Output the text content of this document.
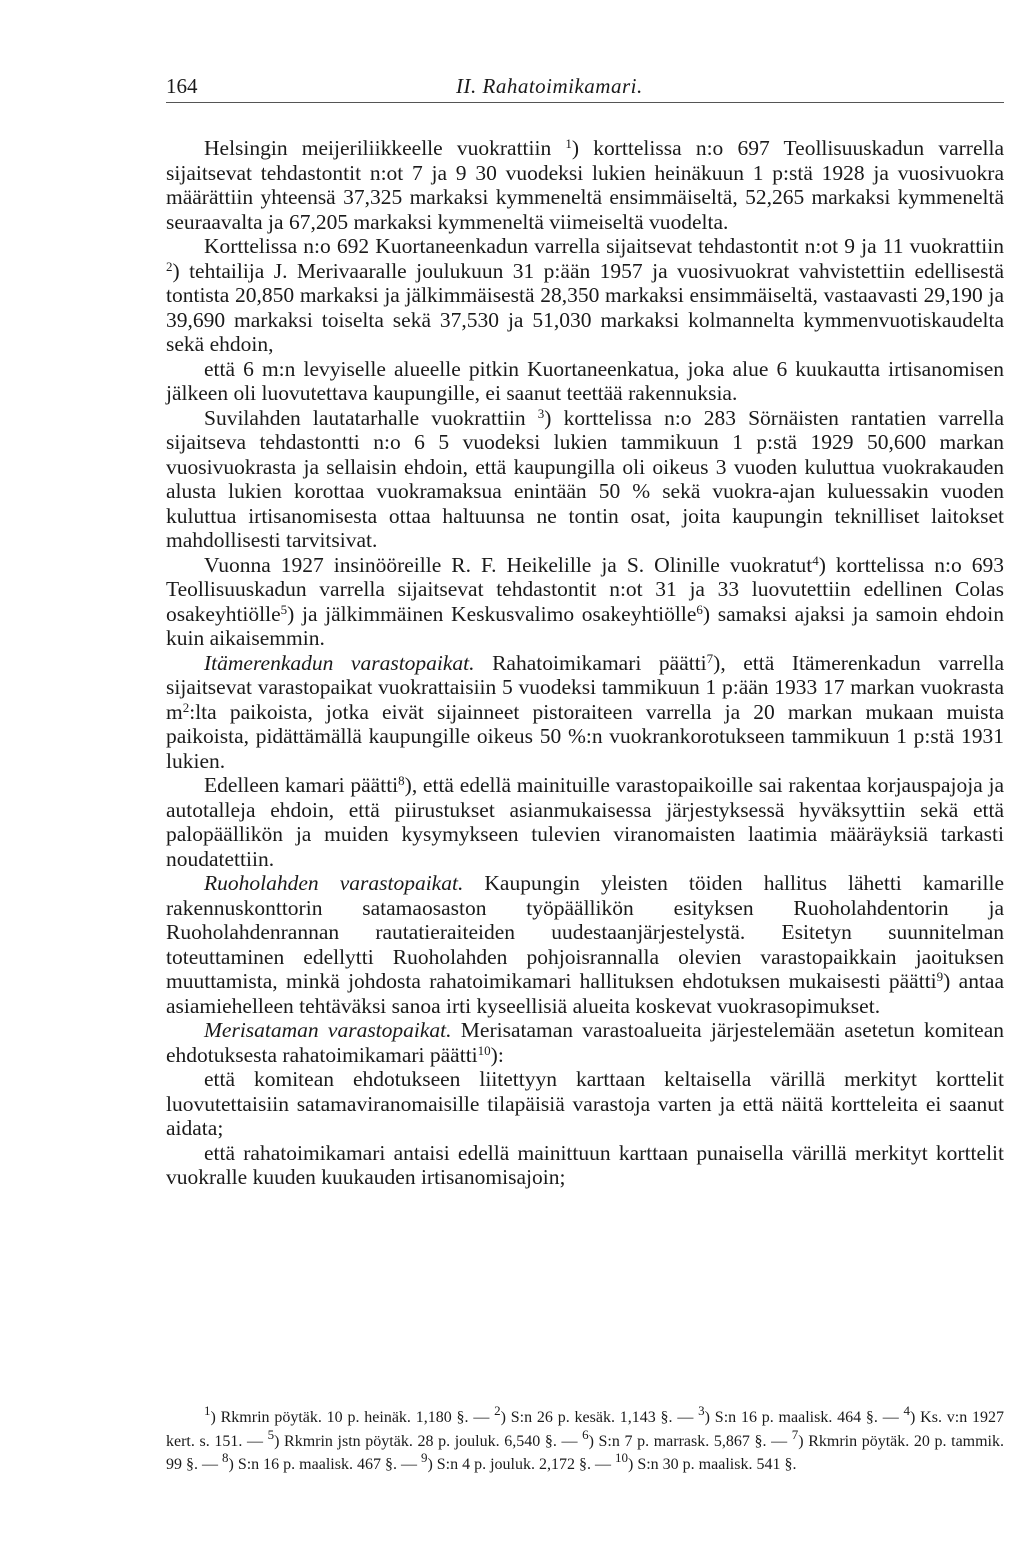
164	II. Rahatoimikamari.

Helsingin meijeriliikkeelle vuokrattiin $^1$) korttelissa n:o 697 Teollisuuskadun varrella sijaitsevat tehdastontit n:ot 7 ja 9 30 vuodeksi lukien heinäkuun 1 p:stä 1928 ja vuosivuokra määrättiin yhteensä 37,325 markaksi kymmeneltä ensimmäiseltä, 52,265 markaksi kymmeneltä seuraavalta ja 67,205 markaksi kymmeneltä viimeiseltä vuodelta.

Korttelissa n:o 692 Kuortaneenkadun varrella sijaitsevat tehdastontit n:ot 9 ja 11 vuokrattiin $^2$) tehtailija J. Merivaaralle joulukuun 31 p:ään 1957 ja vuosivuokrat vahvistettiin edellisestä tontista 20,850 markaksi ja jälkimmäisestä 28,350 markaksi ensimmäiseltä, vastaavasti 29,190 ja 39,690 markaksi toiselta sekä 37,530 ja 51,030 markaksi kolmannelta kymmenvuotiskaudelta sekä ehdoin,

että 6 m:n levyiselle alueelle pitkin Kuortaneenkatua, joka alue 6 kuukautta irtisanomisen jälkeen oli luovutettava kaupungille, ei saanut teettää rakennuksia.

Suvilahden lautatarhalle vuokrattiin $^3$) korttelissa n:o 283 Sörnäisten rantatien varrella sijaitseva tehdastontti n:o 6 5 vuodeksi lukien tammikuun 1 p:stä 1929 50,600 markan vuosivuokrasta ja sellaisin ehdoin, että kaupungilla oli oikeus 3 vuoden kuluttua vuokrakauden alusta lukien korottaa vuokramaksua enintään 50 % sekä vuokra-ajan kuluessakin vuoden kuluttua irtisanomisesta ottaa haltuunsa ne tontin osat, joita kaupungin teknilliset laitokset mahdollisesti tarvitsivat.

Vuonna 1927 insinööreille R. F. Heikelille ja S. Olinille vuokratut$^4$) korttelissa n:o 693 Teollisuuskadun varrella sijaitsevat tehdastontit n:ot 31 ja 33 luovutettiin edellinen Colas osakeyhtiölle$^5$) ja jälkimmäinen Keskusvalimo osakeyhtiölle$^6$) samaksi ajaksi ja samoin ehdoin kuin aikaisemmin.

Itämerenkadun varastopaikat. Rahatoimikamari päätti$^7$), että Itämerenkadun varrella sijaitsevat varastopaikat vuokrattaisiin 5 vuodeksi tammikuun 1 p:ään 1933 17 markan vuokrasta $m^2:lta$ paikoista, jotka eivät sijainneet pistoraiteen varrella ja 20 markan mukaan muista paikoista, pidättämällä kaupungille oikeus 50 %:n vuokrankorotukseen tammikuun 1 p:stä 1931 lukien.

Edelleen kamari päätti$^8$), että edellä mainituille varastopaikoille sai rakentaa korjauspajoja ja autotalleja ehdoin, että piirustukset asianmukaisessa järjestyksessä hyväksyttiin sekä että palopäällikön ja muiden kysymykseen tulevien viranomaisten laatimia määräyksiä tarkasti noudatettiin.

Ruoholahden varastopaikat. Kaupungin yleisten töiden hallitus lähetti kamarille rakennuskonttorin satamaosaston työpäällikön esityksen Ruoholahdentorin ja Ruoholahdenrannan rautatieraiteiden uudestaanjärjestelystä. Esitetyn suunnitelman toteuttaminen edellytti Ruoholahden pohjoisrannalla olevien varastopaikkain jaoituksen muuttamista, minkä johdosta rahatoimikamari hallituksen ehdotuksen mukaisesti päätti$^9$) antaa asiamiehelleen tehtäväksi sanoa irti kyseellisiä alueita koskevat vuokrasopimukset.

Merisataman varastopaikat. Merisataman varastoalueita järjestelemään asetetun komitean ehdotuksesta rahatoimikamari päätti$^{10}$):

että komitean ehdotukseen liitettyyn karttaan keltaisella värillä merkityt korttelit luovutettaisiin satamaviranomaisille tilapäisiä varastoja varten ja että näitä kortteleita ei saanut aidata;

että rahatoimikamari antaisi edellä mainittuun karttaan punaisella värillä merkityt korttelit vuokralle kuuden kuukauden irtisanomisajoin;

$^1$) Rkmrin pöytäk. 10 p. heinäk. 1,180 §. — $^2$) S:n 26 p. kesäk. 1,143 §. — $^3$) S:n 16 p. maalisk. 464 §. — $^4$) Ks. v:n 1927 kert. s. 151. — $^5$) Rkmrin jstn pöytäk. 28 p. jouluk. 6,540 §. — $^6$) S:n 7 p. marrask. 5,867 §. — $^7$) Rkmrin pöytäk. 20 p. tammik. 99 §. — $^8$) S:n 16 p. maalisk. 467 §. — $^9$) S:n 4 p. jouluk. 2,172 §. — $^{10}$) S:n 30 p. maalisk. 541 §.
